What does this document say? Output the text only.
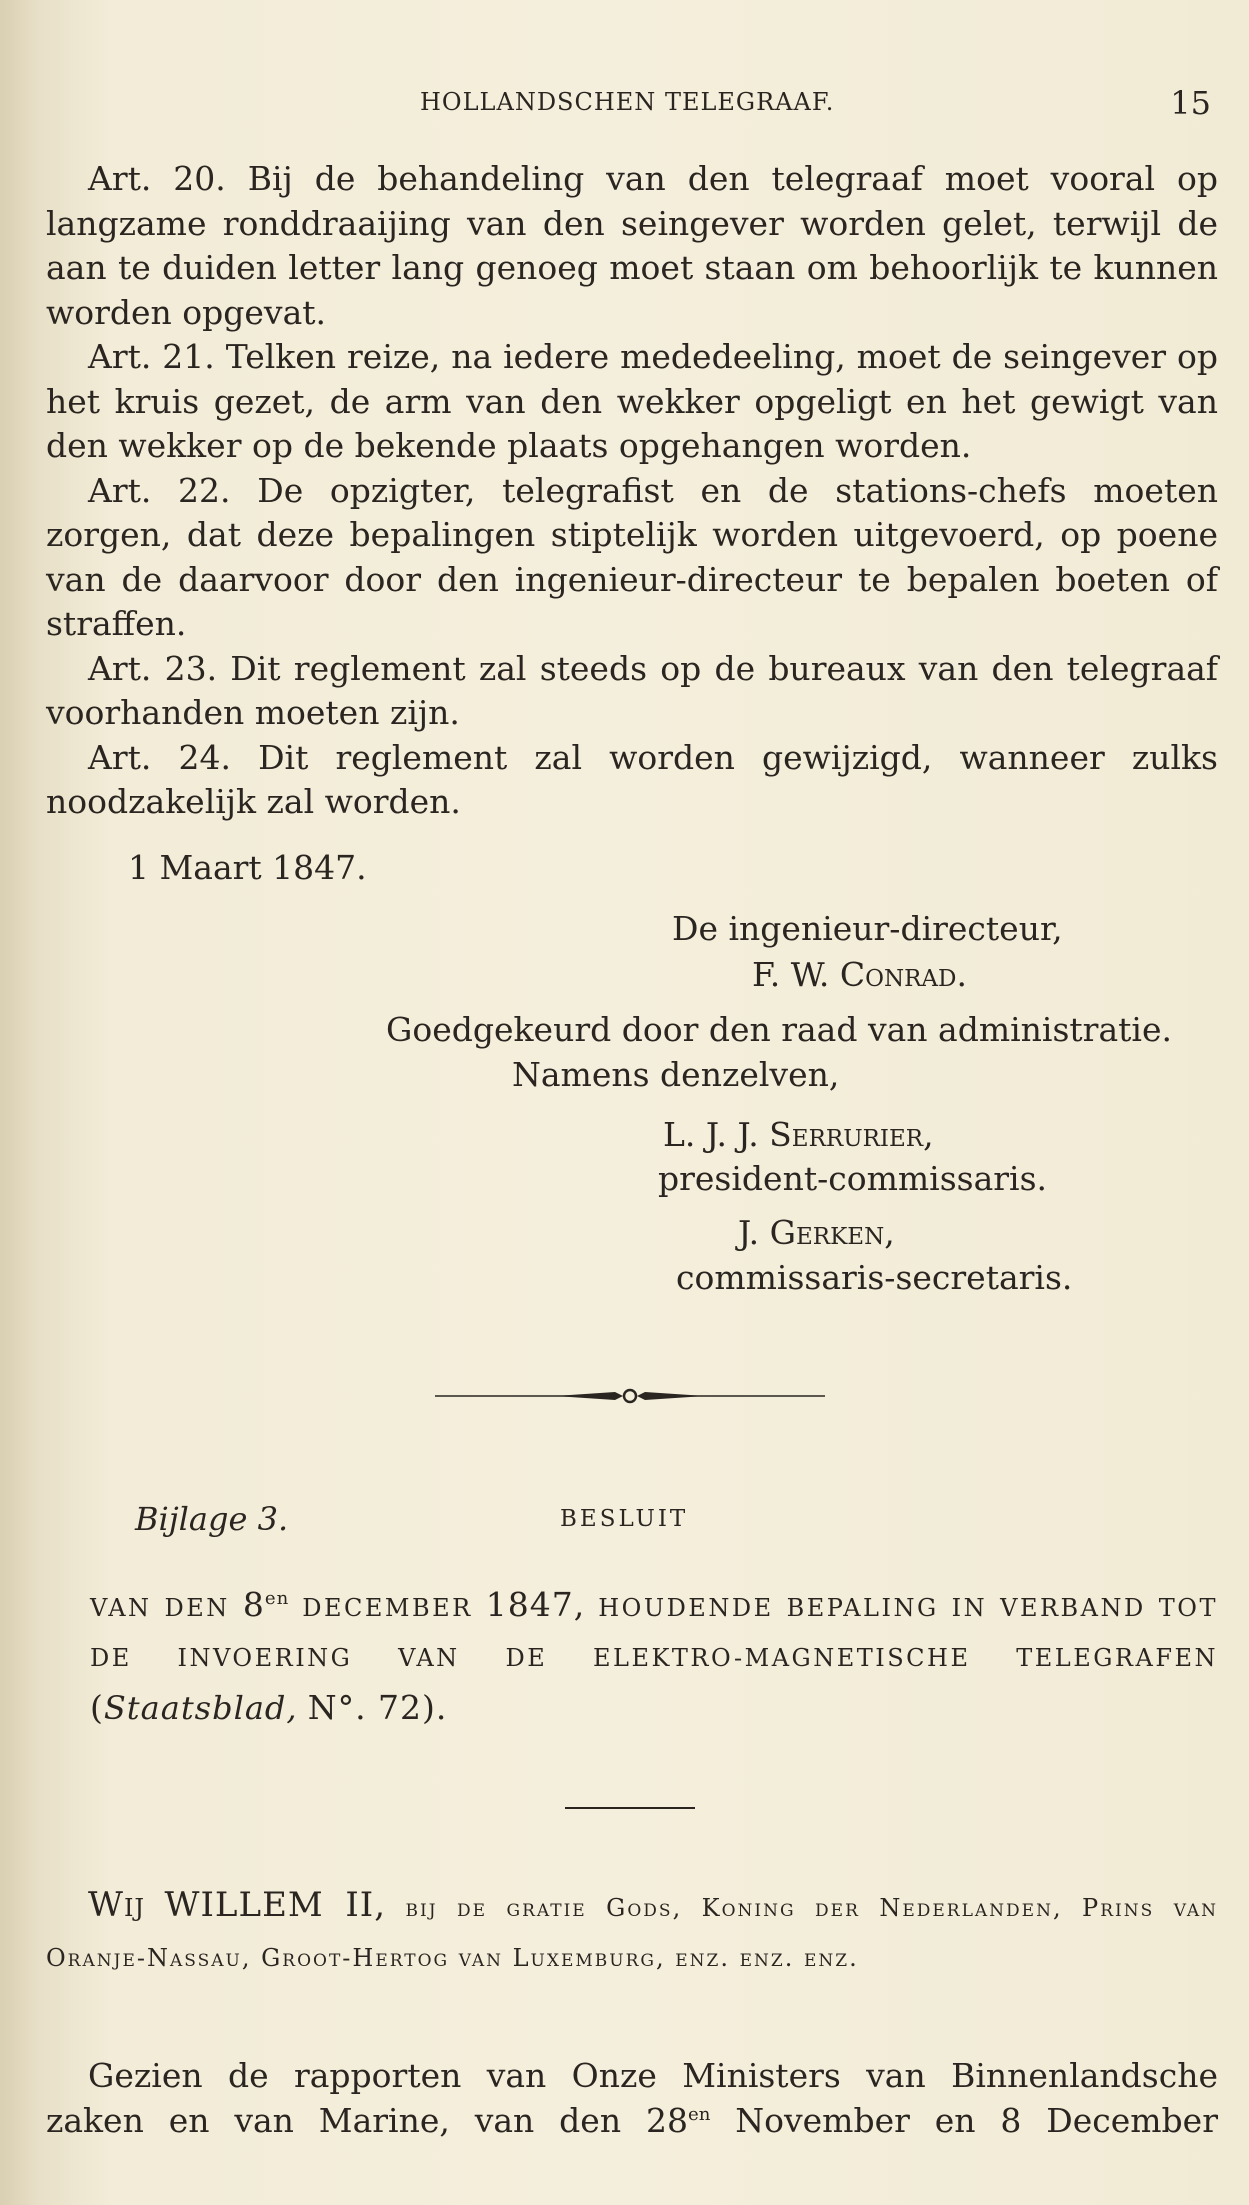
HOLLANDSCHEN TELEGRAAF.	15

Art. 20. Bij de behandeling van den telegraaf moet vooral op langzame ronddraaijing van den seingever worden gelet, terwijl de aan te duiden letter lang genoeg moet staan om behoorlijk te kunnen worden opgevat.

Art. 21. Telken reize, na iedere mededeeling, moet de seingever op het kruis gezet, de arm van den wekker opgeligt en het gewigt van den wekker op de bekende plaats opgehangen worden.

Art. 22. De opzigter, telegrafist en de stations-chefs moeten zorgen, dat deze bepalingen stiptelijk worden uitgevoerd, op poene van de daarvoor door den ingenieur-directeur te bepalen boeten of straffen.

Art. 23. Dit reglement zal steeds op de bureaux van den telegraaf voorhanden moeten zijn.

Art. 24. Dit reglement zal worden gewijzigd, wanneer zulks noodzakelijk zal worden.

1 Maart 1847.
De ingenieur-directeur,
F. W. Conrad.
Goedgekeurd door den raad van administratie.
Namens denzelven,
L. J. J. Serrurier,
president-commissaris.
J. Gerken,
commissaris-secretaris.
Bijlage 3.	BESLUIT
VAN DEN $8^{en}$ DECEMBER 1847, HOUDENDE BEPALING IN VERBAND TOT DE INVOERING VAN DE ELEKTRO-MAGNETISCHE TELEGRAFEN (Staatsblad, N°. 72).
Wij WILLEM II, bij de gratie Gods, Koning der Nederlanden, Prins van Oranje-Nassau, Groot-Hertog van Luxemburg, enz. enz. enz.
Gezien de rapporten van Onze Ministers van Binnenlandsche zaken en van Marine, van den $28^{en}$ November en 8 December
